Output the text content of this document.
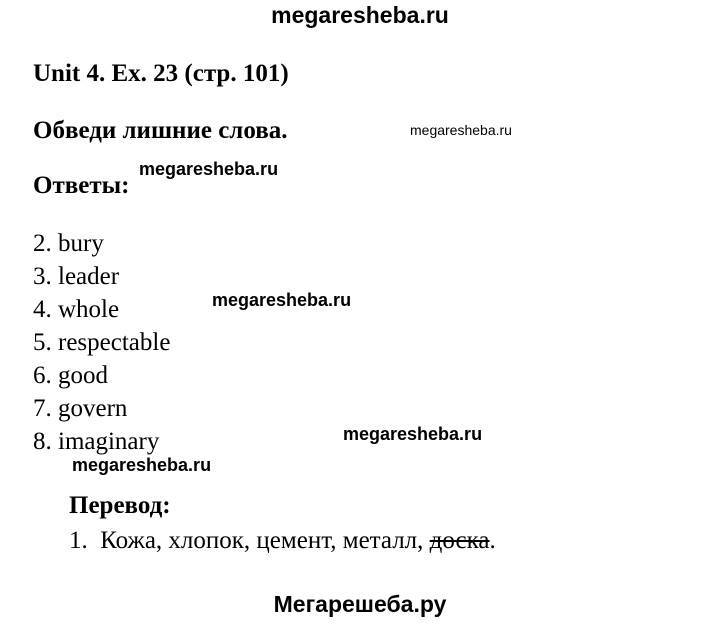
megaresheba.ru
Unit 4. Ex. 23 (стр. 101)
Обведи лишние слова.	megaresheba.ru
Ответы:
megaresheba.ru
2. bury
3. leader
4. whole
5. respectable
6. good
7. govern
8. imaginary
megaresheba.ru
megaresheba.ru
megaresheba.ru
Перевод:
1. Кожа, хлопок, цемент, металл, доска.
Мегарешеба.ру
